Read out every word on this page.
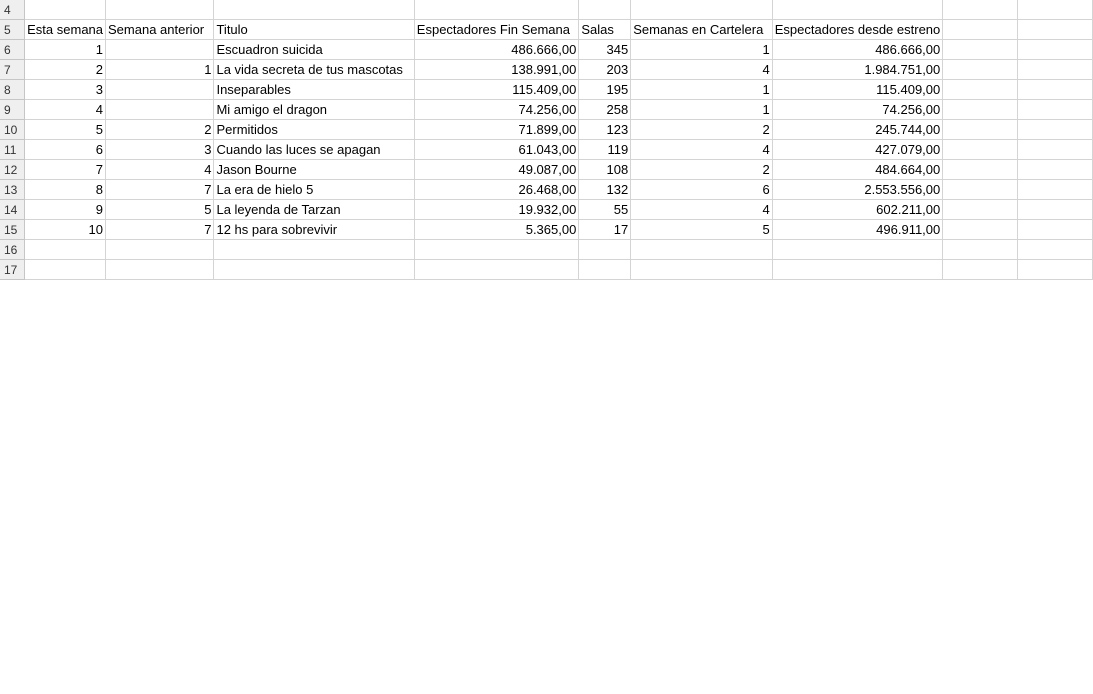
4									
5	Esta semana	Semana anterior	Titulo	Espectadores Fin Semana	Salas	Semanas en Cartelera	Espectadores desde estreno		
6	1		Escuadron suicida	486.666,00	345	1	486.666,00		
7	2	1	La vida secreta de tus mascotas	138.991,00	203	4	1.984.751,00		
8	3		Inseparables	115.409,00	195	1	115.409,00		
9	4		Mi amigo el dragon	74.256,00	258	1	74.256,00		
10	5	2	Permitidos	71.899,00	123	2	245.744,00		
11	6	3	Cuando las luces se apagan	61.043,00	119	4	427.079,00		
12	7	4	Jason Bourne	49.087,00	108	2	484.664,00		
13	8	7	La era de hielo 5	26.468,00	132	6	2.553.556,00		
14	9	5	La leyenda de Tarzan	19.932,00	55	4	602.211,00		
15	10	7	12 hs para sobrevivir	5.365,00	17	5	496.911,00		
16									
17									
